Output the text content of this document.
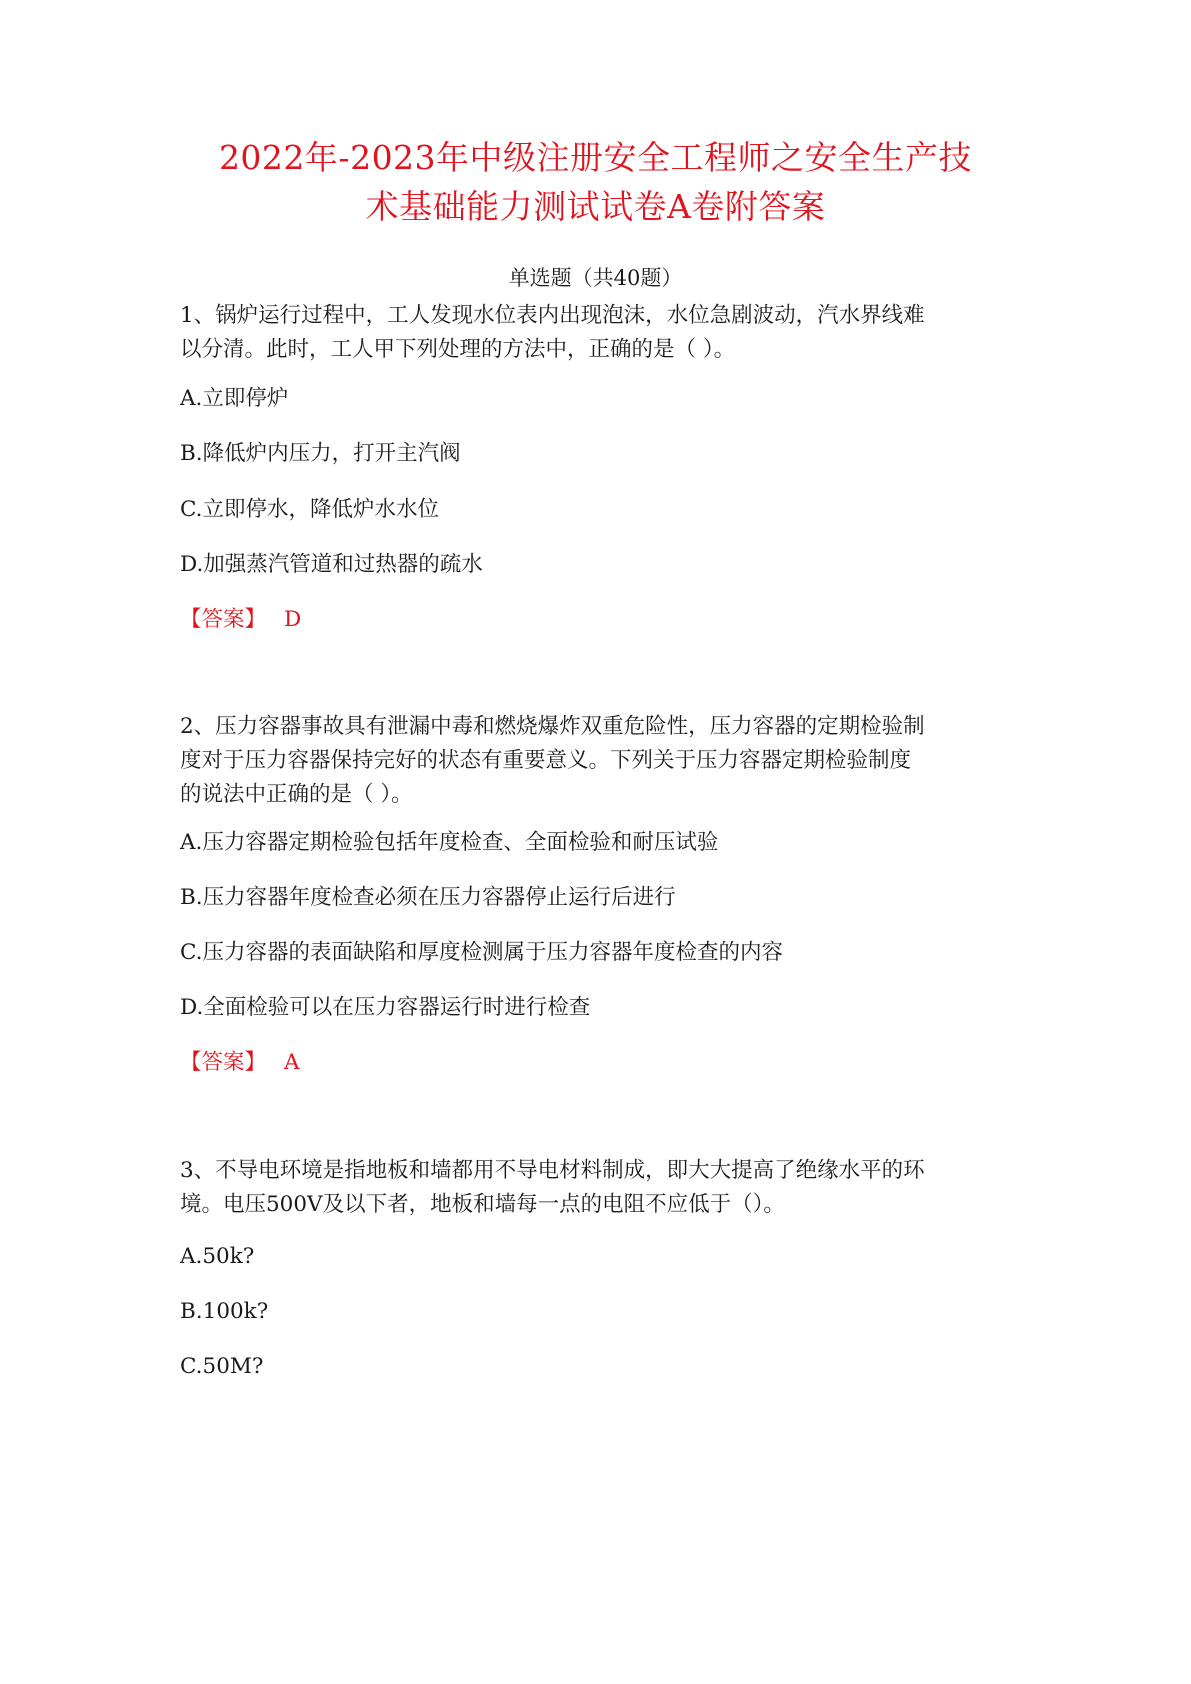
2022年-2023年中级注册安全工程师之安全生产技
术基础能力测试试卷A卷附答案
单选题（共40题）
1、锅炉运行过程中，工人发现水位表内出现泡沫，水位急剧波动，汽水界线难
以分清。此时，工人甲下列处理的方法中，正确的是（ ）。
A.立即停炉
B.降低炉内压力，打开主汽阀
C.立即停水，降低炉水水位
D.加强蒸汽管道和过热器的疏水
【答案】 D
2、压力容器事故具有泄漏中毒和燃烧爆炸双重危险性，压力容器的定期检验制
度对于压力容器保持完好的状态有重要意义。下列关于压力容器定期检验制度
的说法中正确的是（ ）。
A.压力容器定期检验包括年度检查、全面检验和耐压试验
B.压力容器年度检查必须在压力容器停止运行后进行
C.压力容器的表面缺陷和厚度检测属于压力容器年度检查的内容
D.全面检验可以在压力容器运行时进行检查
【答案】 A
3、不导电环境是指地板和墙都用不导电材料制成，即大大提高了绝缘水平的环
境。电压500V及以下者，地板和墙每一点的电阻不应低于（）。
A.50k?
B.100k?
C.50M?
